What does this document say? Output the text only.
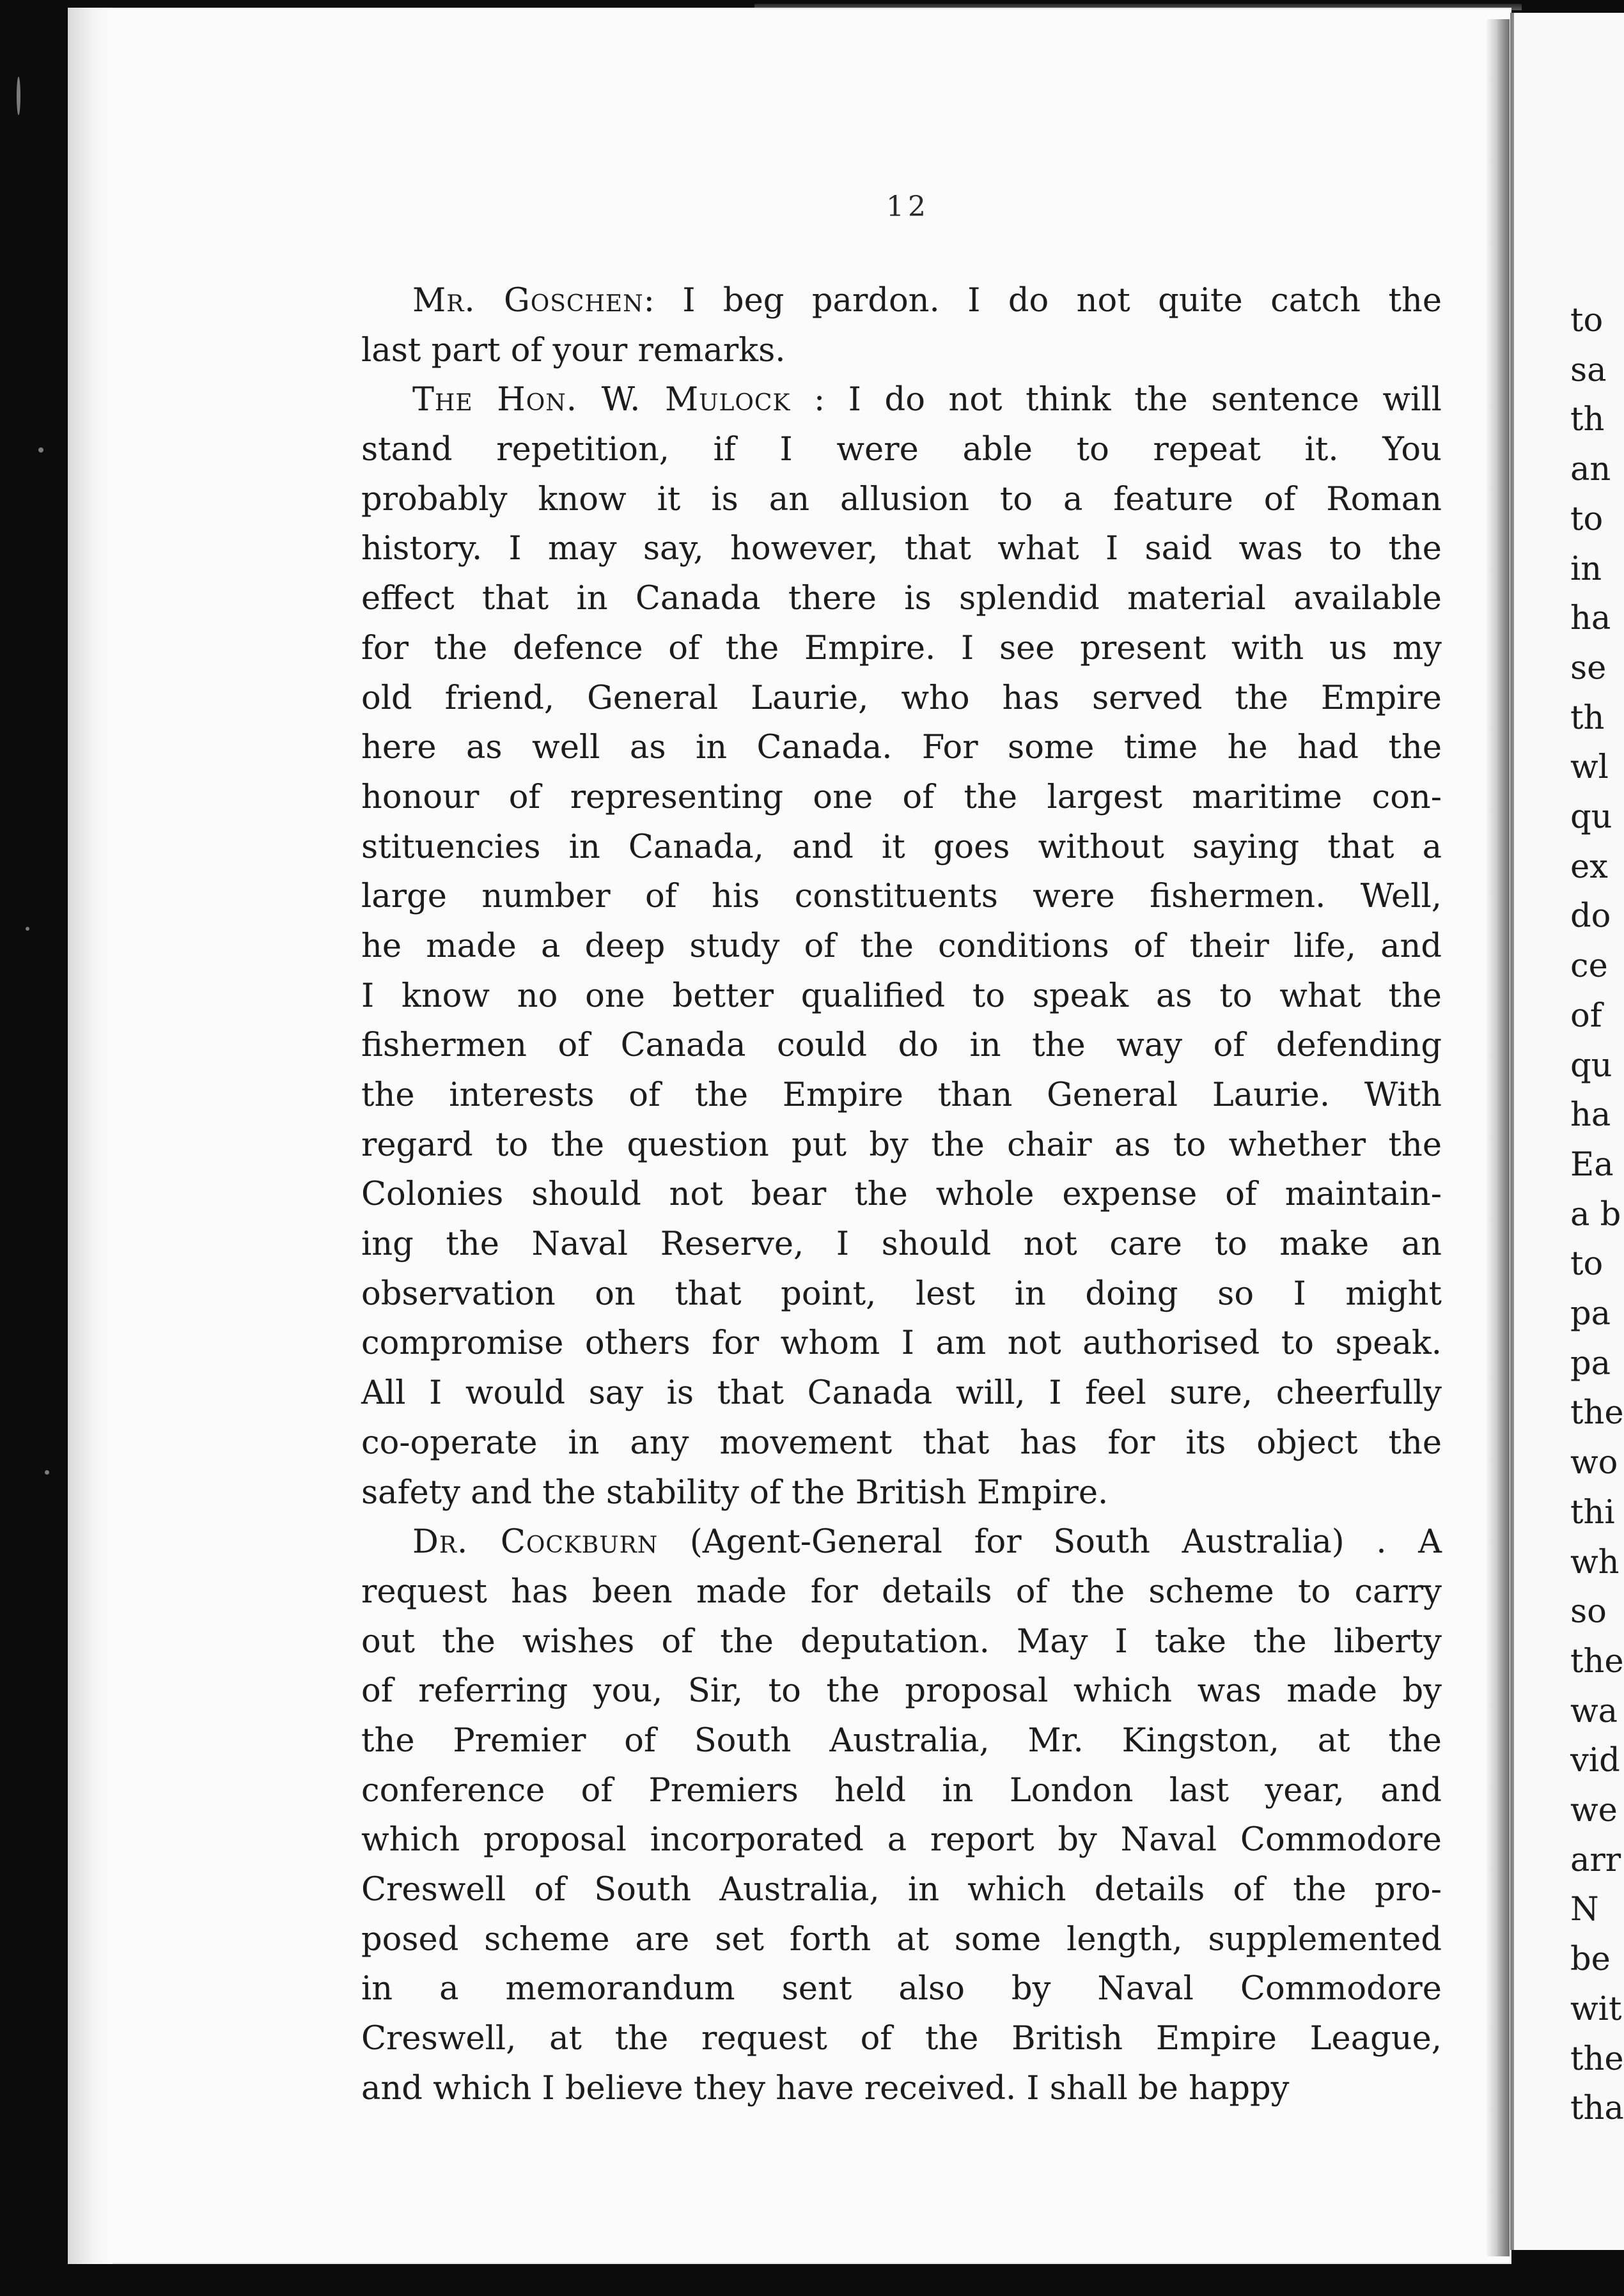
to
sa
th
an
to
in
ha
se
th
wl
qu
ex
do
ce
of
qu
ha
Ea
a b
to
pa
pa
the
wo
thi
wh
so
the
wa
vid
we
arr
N
be
wit
the
tha
12
Mr. Goschen: I beg pardon. I do not quite catch the
last part of your remarks.
The Hon. W. Mulock : I do not think the sentence will
stand repetition, if I were able to repeat it. You
probably know it is an allusion to a feature of Roman
history. I may say, however, that what I said was to the
effect that in Canada there is splendid material available
for the defence of the Empire. I see present with us my
old friend, General Laurie, who has served the Empire
here as well as in Canada. For some time he had the
honour of representing one of the largest maritime con-
stituencies in Canada, and it goes without saying that a
large number of his constituents were fishermen. Well,
he made a deep study of the conditions of their life, and
I know no one better qualified to speak as to what the
fishermen of Canada could do in the way of defending
the interests of the Empire than General Laurie. With
regard to the question put by the chair as to whether the
Colonies should not bear the whole expense of maintain-
ing the Naval Reserve, I should not care to make an
observation on that point, lest in doing so I might
compromise others for whom I am not authorised to speak.
All I would say is that Canada will, I feel sure, cheerfully
co-operate in any movement that has for its object the
safety and the stability of the British Empire.
Dr. Cockburn (Agent-General for South Australia) . A
request has been made for details of the scheme to carry
out the wishes of the deputation. May I take the liberty
of referring you, Sir, to the proposal which was made by
the Premier of South Australia, Mr. Kingston, at the
conference of Premiers held in London last year, and
which proposal incorporated a report by Naval Commodore
Creswell of South Australia, in which details of the pro-
posed scheme are set forth at some length, supplemented
in a memorandum sent also by Naval Commodore
Creswell, at the request of the British Empire League,
and which I believe they have received. I shall be happy
